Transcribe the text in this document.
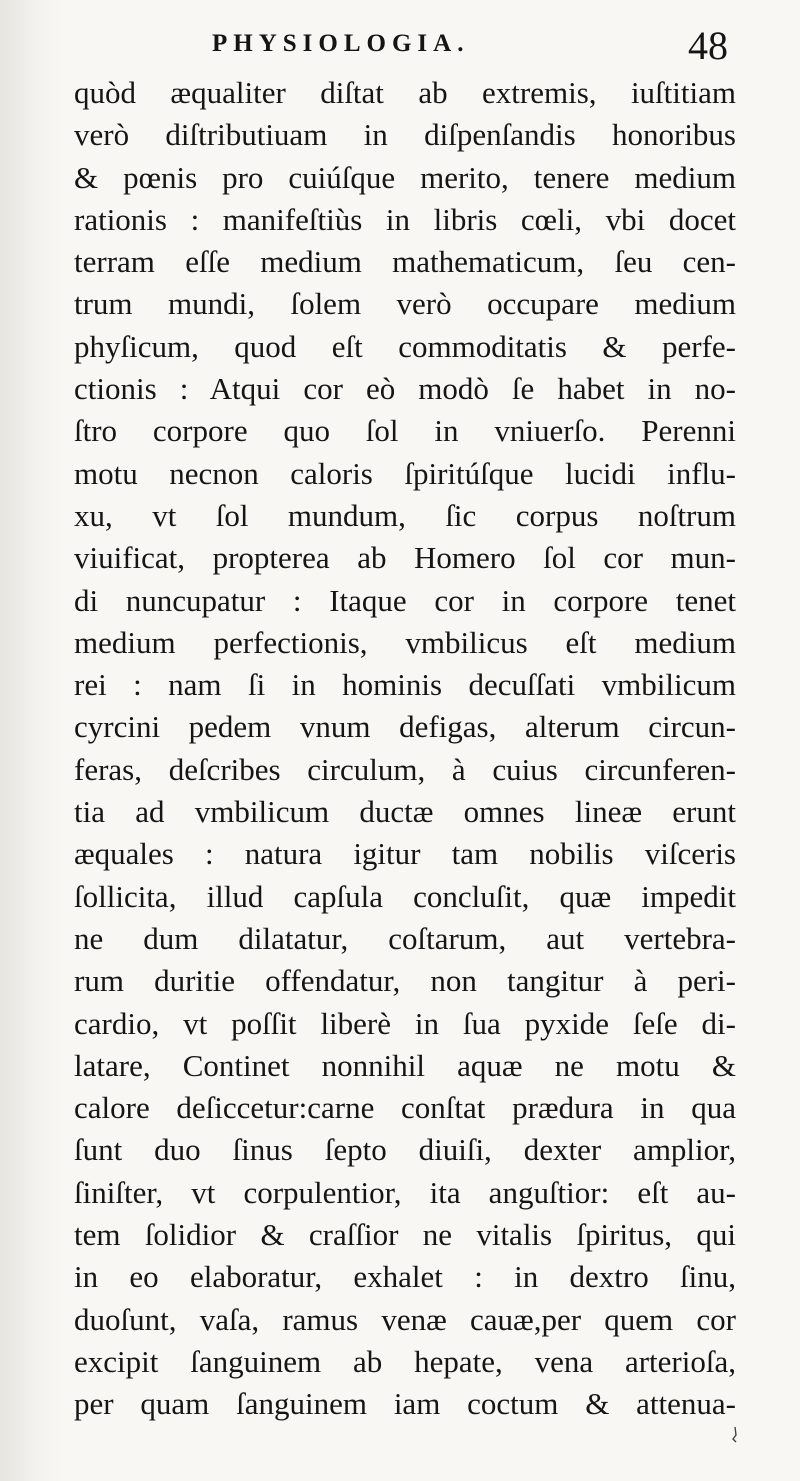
PHYSIOLOGIA.	48
quòd æqualiter diſtat ab extremis, iuſtitiam
verò diſtributiuam in diſpenſandis honoribus
& pœnis pro cuiúſque merito, tenere medium
rationis : manifeſtiùs in libris cœli, vbi docet
terram eſſe medium mathematicum, ſeu cen-
trum mundi, ſolem verò occupare medium
phyſicum, quod eſt commoditatis & perfe-
ctionis : Atqui cor eò modò ſe habet in no-
ſtro corpore quo ſol in vniuerſo. Perenni
motu necnon caloris ſpiritúſque lucidi influ-
xu, vt ſol mundum, ſic corpus noſtrum
viuificat, propterea ab Homero ſol cor mun-
di nuncupatur : Itaque cor in corpore tenet
medium perfectionis, vmbilicus eſt medium
rei : nam ſi in hominis decuſſati vmbilicum
cyrcini pedem vnum defigas, alterum circun-
feras, deſcribes circulum, à cuius circunferen-
tia ad vmbilicum ductæ omnes lineæ erunt
æquales : natura igitur tam nobilis viſceris
ſollicita, illud capſula concluſit, quæ impedit
ne dum dilatatur, coſtarum, aut vertebra-
rum duritie offendatur, non tangitur à peri-
cardio, vt poſſit liberè in ſua pyxide ſeſe di-
latare, Continet nonnihil aquæ ne motu &
calore deſiccetur:carne conſtat prædura in qua
ſunt duo ſinus ſepto diuiſi, dexter amplior,
ſiniſter, vt corpulentior, ita anguſtior: eſt au-
tem ſolidior & craſſior ne vitalis ſpiritus, qui
in eo elaboratur, exhalet : in dextro ſinu,
duoſunt, vaſa, ramus venæ cauæ,per quem cor
excipit ſanguinem ab hepate, vena arterioſa,
per quam ſanguinem iam coctum & attenua-
